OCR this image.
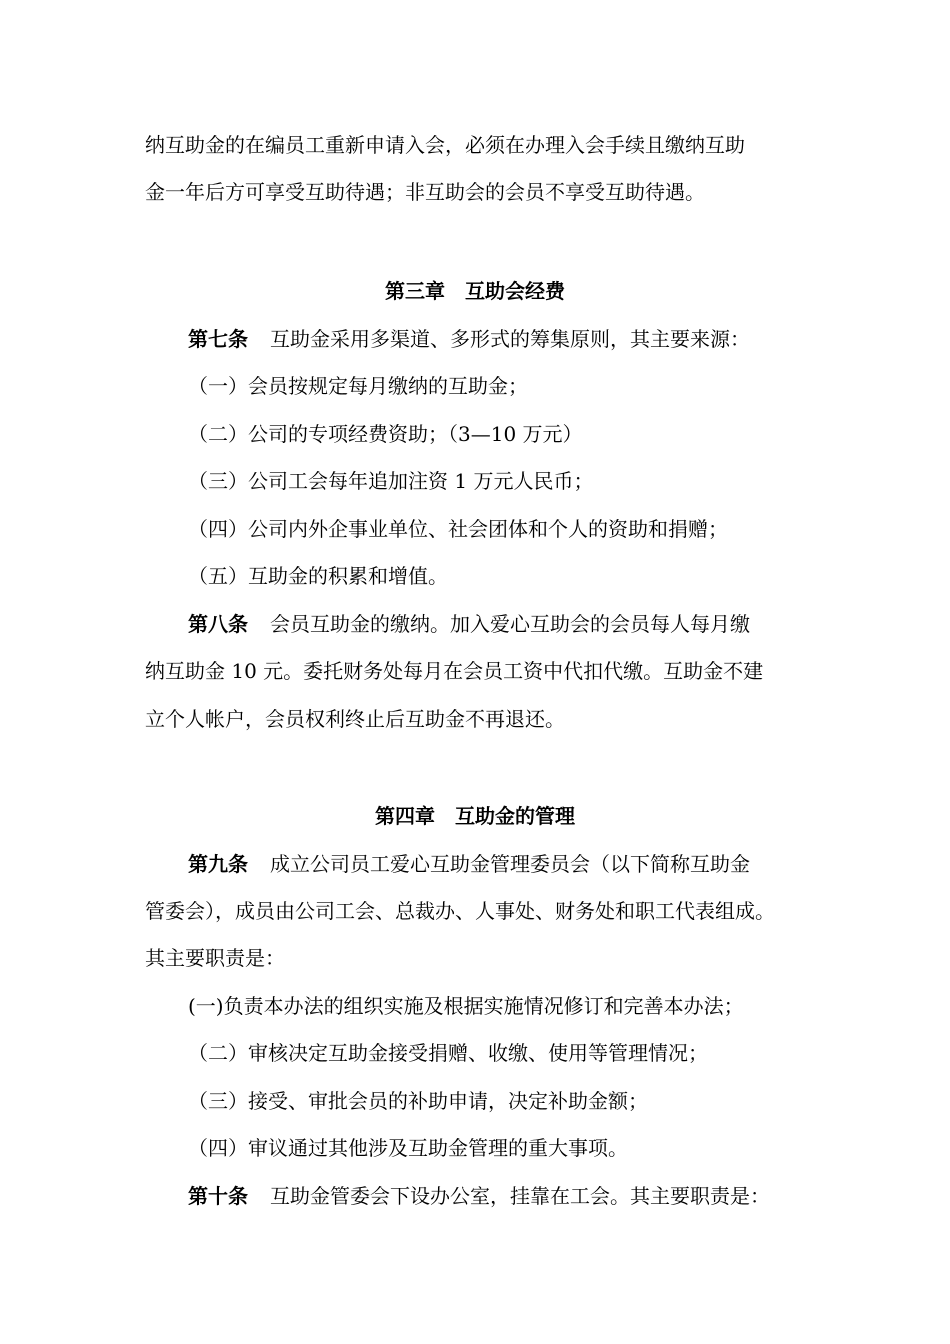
纳互助金的在编员工重新申请入会，必须在办理入会手续且缴纳互助
金一年后方可享受互助待遇；非互助会的会员不享受互助待遇。
第三章　互助会经费
第七条 互助金采用多渠道、多形式的筹集原则，其主要来源：
（一）会员按规定每月缴纳的互助金；
（二）公司的专项经费资助；（3—10 万元）
（三）公司工会每年追加注资 1 万元人民币；
（四）公司内外企事业单位、社会团体和个人的资助和捐赠；
（五）互助金的积累和增值。
第八条 会员互助金的缴纳。加入爱心互助会的会员每人每月缴
纳互助金 10 元。委托财务处每月在会员工资中代扣代缴。互助金不建
立个人帐户，会员权利终止后互助金不再退还。
第四章　互助金的管理
第九条 成立公司员工爱心互助金管理委员会（以下简称互助金
管委会），成员由公司工会、总裁办、人事处、财务处和职工代表组成。
其主要职责是：
(一)负责本办法的组织实施及根据实施情况修订和完善本办法；
（二）审核决定互助金接受捐赠、收缴、使用等管理情况；
（三）接受、审批会员的补助申请，决定补助金额；
（四）审议通过其他涉及互助金管理的重大事项。
第十条 互助金管委会下设办公室，挂靠在工会。其主要职责是：
